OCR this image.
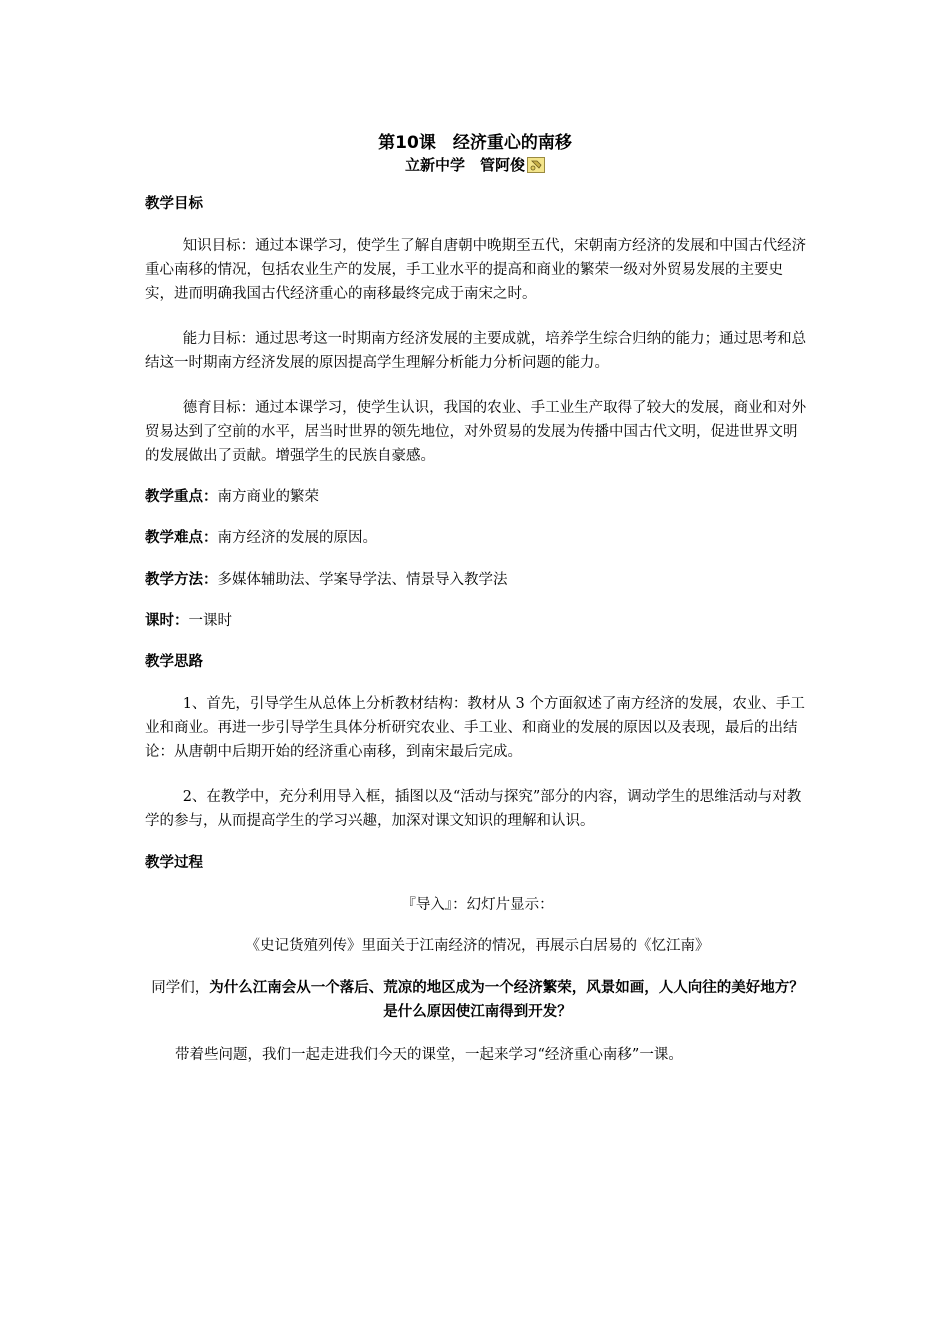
第10课　经济重心的南移
立新中学　 管阿俊
教学目标
知识目标：通过本课学习，使学生了解自唐朝中晚期至五代，宋朝南方经济的发展和中国古代经济重心南移的情况，包括农业生产的发展，手工业水平的提高和商业的繁荣一级对外贸易发展的主要史实，进而明确我国古代经济重心的南移最终完成于南宋之时。
能力目标：通过思考这一时期南方经济发展的主要成就，培养学生综合归纳的能力；通过思考和总结这一时期南方经济发展的原因提高学生理解分析能力分析问题的能力。
德育目标：通过本课学习，使学生认识，我国的农业、手工业生产取得了较大的发展，商业和对外贸易达到了空前的水平，居当时世界的领先地位，对外贸易的发展为传播中国古代文明，促进世界文明的发展做出了贡献。增强学生的民族自豪感。
教学重点：南方商业的繁荣
教学难点：南方经济的发展的原因。
教学方法：多媒体辅助法、学案导学法、情景导入教学法
课时：一课时
教学思路
1、首先，引导学生从总体上分析教材结构：教材从 3 个方面叙述了南方经济的发展，农业、手工业和商业。再进一步引导学生具体分析研究农业、手工业、和商业的发展的原因以及表现，最后的出结论：从唐朝中后期开始的经济重心南移，到南宋最后完成。
2、在教学中，充分利用导入框，插图以及“活动与探究”部分的内容，调动学生的思维活动与对教学的参与，从而提高学生的学习兴趣，加深对课文知识的理解和认识。
教学过程
『导入』：幻灯片显示：
《史记货殖列传》里面关于江南经济的情况，再展示白居易的《忆江南》
同学们，为什么江南会从一个落后、荒凉的地区成为一个经济繁荣，风景如画，人人向往的美好地方？是什么原因使江南得到开发？
带着些问题，我们一起走进我们今天的课堂，一起来学习“经济重心南移”一课。
